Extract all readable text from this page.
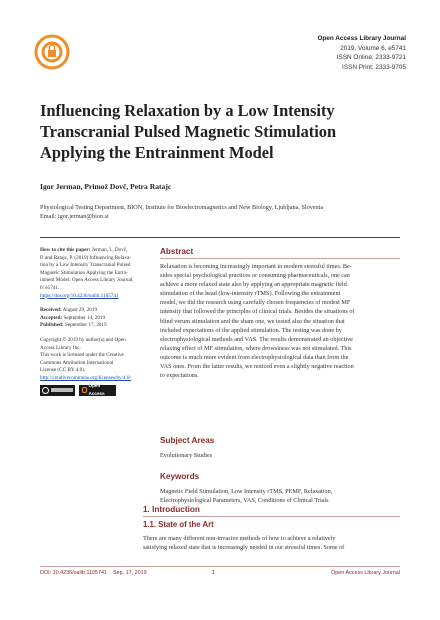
Open Access Library Journal
2019, Volume 6, e5741
ISSN Online: 2333-9721
ISSN Print: 2333-9705
Influencing Relaxation by a Low Intensity
Transcranial Pulsed Magnetic Stimulation
Applying the Entrainment Model
Igor Jerman, Primož Dovč, Petra Ratajc
Physiological Testing Department, BION, Institute for Bioelectromagnetics and New Biology, Ljubljana, Slovenia
Email: igor.jerman@bion.si
How to cite this paper: Jerman, I., Dovč,
P. and Ratajc, P. (2019) Influencing Relaxa-
tion by a Low Intensity Transcranial Pulsed
Magnetic Stimulation Applying the Entra-
inment Model. Open Access Library Journal,
6: e5741.
https://doi.org/10.4236/oalib.1105741
Received: August 29, 2019
Accepted: September 14, 2019
Published: September 17, 2019
Copyright © 2019 by author(s) and Open
Access Library Inc.
This work is licensed under the Creative
Commons Attribution International
License (CC BY 4.0).
http://creativecommons.org/licenses/by/4.0/
Open Access
Abstract
Relaxation is becoming increasingly important in modern stressful times. Be-
sides special psychological practices or consuming pharmaceuticals, one can
achieve a more relaxed state also by applying an appropriate magnetic field
stimulation of the head (low-intensity rTMS). Following the entrainment
model, we did the research using carefully chosen frequencies of modest MF
intensity that followed the principles of clinical trials. Besides the situations of
blind verum stimulation and the sham one, we tested also the situation that
included expectations of the applied stimulation. The testing was done by
electrophysiological methods and VAS. The results demonstrated an objective
relaxing effect of MF stimulation, where drowsiness was not stimulated. This
outcome is much more evident from electrophysiological data than from the
VAS ones. From the latter results, we noticed even a slightly negative reaction
to expectations.
Subject Areas
Evolutionary Studies
Keywords
Magnetic Field Stimulation, Low Intensity rTMS, PEMF, Relaxation,
Electrophysiological Parameters, VAS, Conditions of Clinical Trials
1. Introduction
1.1. State of the Art
There are many different non-invasive methods of how to achieve a relatively
satisfying relaxed state that is increasingly needed in our stressful times. Some of
DOI: 10.4236/oalib.1105741 Sep. 17, 2019	1	Open Access Library Journal
